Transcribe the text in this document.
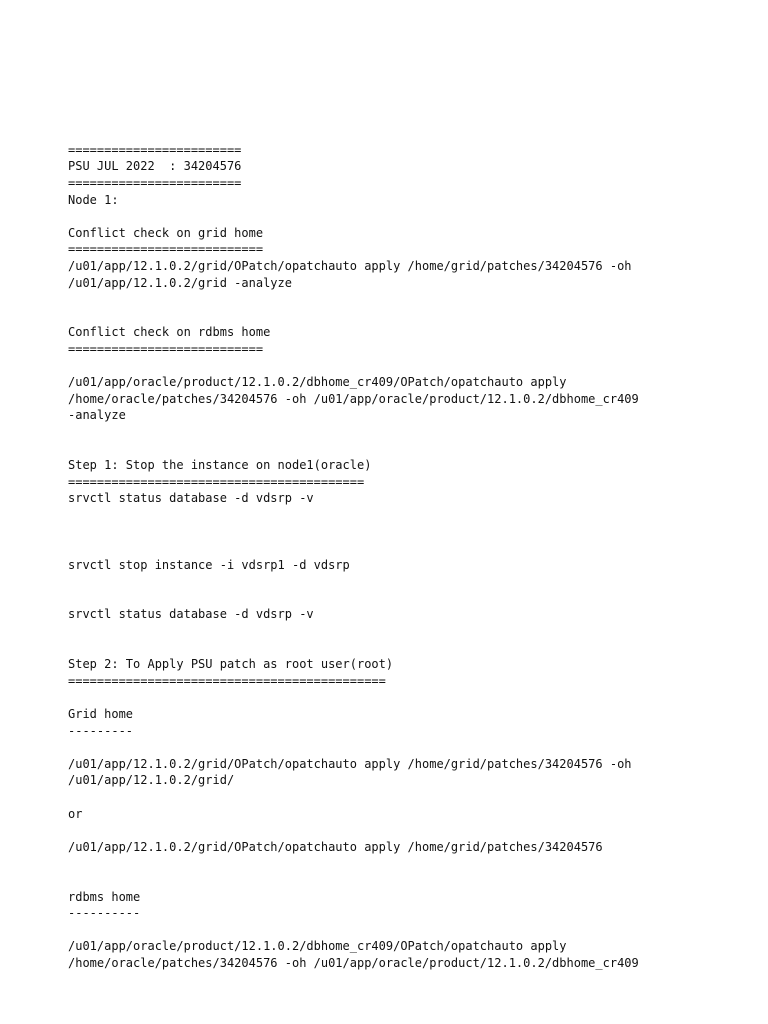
========================
PSU JUL 2022  : 34204576
========================
Node 1:
Conflict check on grid home
===========================
/u01/app/12.1.0.2/grid/OPatch/opatchauto apply /home/grid/patches/34204576 -oh
/u01/app/12.1.0.2/grid -analyze
Conflict check on rdbms home
===========================
/u01/app/oracle/product/12.1.0.2/dbhome_cr409/OPatch/opatchauto apply
/home/oracle/patches/34204576 -oh /u01/app/oracle/product/12.1.0.2/dbhome_cr409
-analyze
Step 1: Stop the instance on node1(oracle)
=========================================
srvctl status database -d vdsrp -v
srvctl stop instance -i vdsrp1 -d vdsrp
srvctl status database -d vdsrp -v
Step 2: To Apply PSU patch as root user(root)
============================================
Grid home
---------
/u01/app/12.1.0.2/grid/OPatch/opatchauto apply /home/grid/patches/34204576 -oh
/u01/app/12.1.0.2/grid/
or
/u01/app/12.1.0.2/grid/OPatch/opatchauto apply /home/grid/patches/34204576
rdbms home
----------
/u01/app/oracle/product/12.1.0.2/dbhome_cr409/OPatch/opatchauto apply
/home/oracle/patches/34204576 -oh /u01/app/oracle/product/12.1.0.2/dbhome_cr409
